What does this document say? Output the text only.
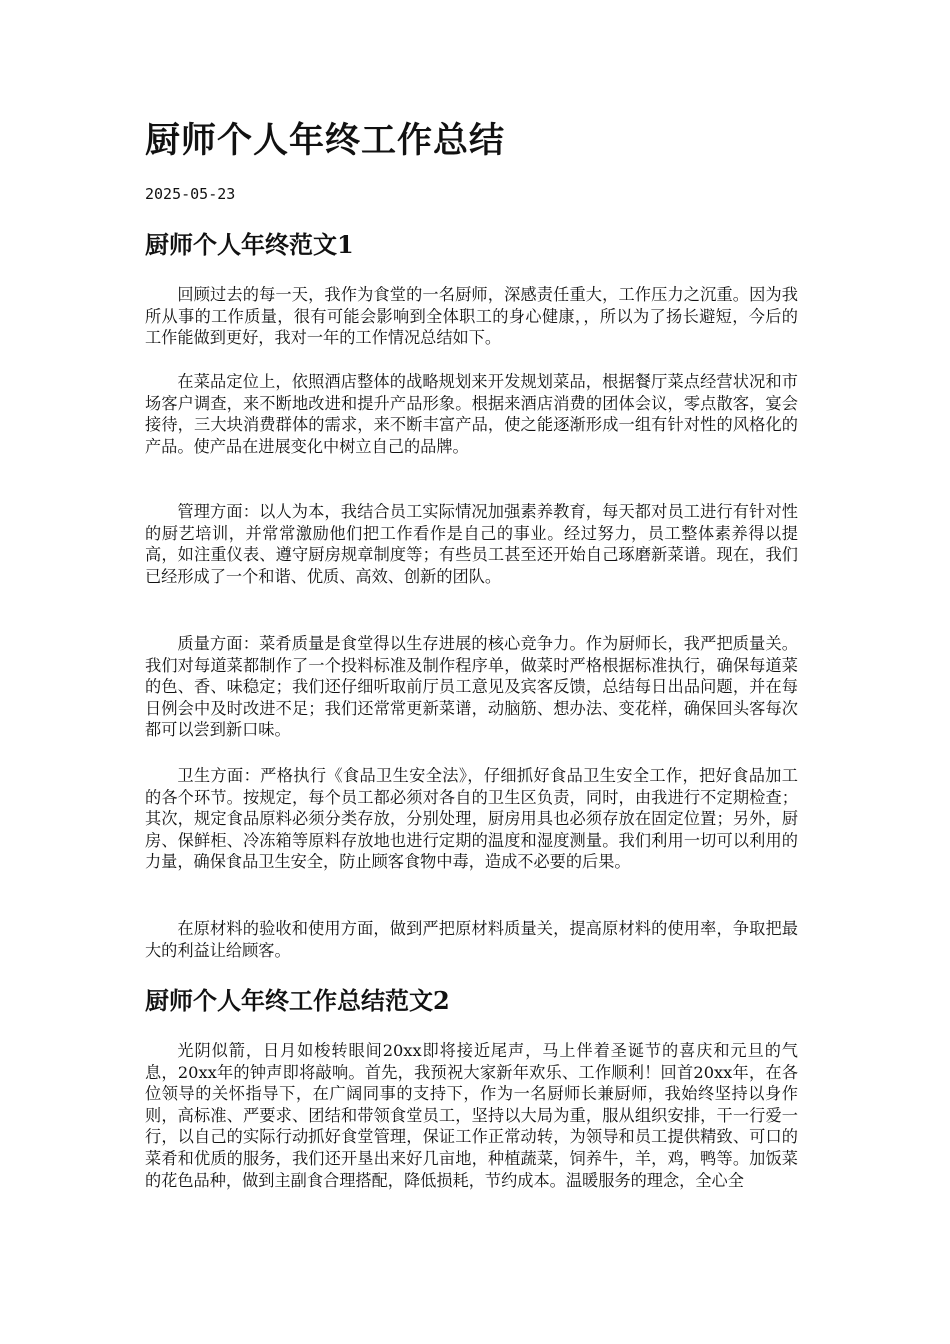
厨师个人年终工作总结
2025-05-23
厨师个人年终范文1

回顾过去的每一天，我作为食堂的一名厨师，深感责任重大，工作压力之沉重。因为我所从事的工作质量，很有可能会影响到全体职工的身心健康，，所以为了扬长避短，今后的工作能做到更好，我对一年的工作情况总结如下。

在菜品定位上，依照酒店整体的战略规划来开发规划菜品，根据餐厅菜点经营状况和市场客户调查，来不断地改进和提升产品形象。根据来酒店消费的团体会议，零点散客，宴会接待，三大块消费群体的需求，来不断丰富产品，使之能逐渐形成一组有针对性的风格化的产品。使产品在进展变化中树立自己的品牌。

管理方面：以人为本，我结合员工实际情况加强素养教育，每天都对员工进行有针对性的厨艺培训，并常常激励他们把工作看作是自己的事业。经过努力，员工整体素养得以提高，如注重仪表、遵守厨房规章制度等；有些员工甚至还开始自己琢磨新菜谱。现在，我们已经形成了一个和谐、优质、高效、创新的团队。

质量方面：菜肴质量是食堂得以生存进展的核心竞争力。作为厨师长，我严把质量关。我们对每道菜都制作了一个投料标准及制作程序单，做菜时严格根据标准执行，确保每道菜的色、香、味稳定；我们还仔细听取前厅员工意见及宾客反馈，总结每日出品问题，并在每日例会中及时改进不足；我们还常常更新菜谱，动脑筋、想办法、变花样，确保回头客每次都可以尝到新口味。

卫生方面：严格执行《食品卫生安全法》，仔细抓好食品卫生安全工作，把好食品加工的各个环节。按规定，每个员工都必须对各自的卫生区负责，同时，由我进行不定期检查；其次，规定食品原料必须分类存放，分别处理，厨房用具也必须存放在固定位置；另外，厨房、保鲜柜、冷冻箱等原料存放地也进行定期的温度和湿度测量。我们利用一切可以利用的力量，确保食品卫生安全，防止顾客食物中毒，造成不必要的后果。

在原材料的验收和使用方面，做到严把原材料质量关，提高原材料的使用率，争取把最大的利益让给顾客。

厨师个人年终工作总结范文2

光阴似箭，日月如梭转眼间20xx即将接近尾声，马上伴着圣诞节的喜庆和元旦的气息，20xx年的钟声即将敲响。首先，我预祝大家新年欢乐、工作顺利！回首20xx年，在各位领导的关怀指导下，在广阔同事的支持下，作为一名厨师长兼厨师，我始终坚持以身作则，高标准、严要求、团结和带领食堂员工，坚持以大局为重，服从组织安排，干一行爱一行，以自己的实际行动抓好食堂管理，保证工作正常动转，为领导和员工提供精致、可口的菜肴和优质的服务，我们还开垦出来好几亩地，种植蔬菜，饲养牛，羊，鸡，鸭等。加饭菜的花色品种，做到主副食合理搭配，降低损耗，节约成本。温暖服务的理念，全心全
